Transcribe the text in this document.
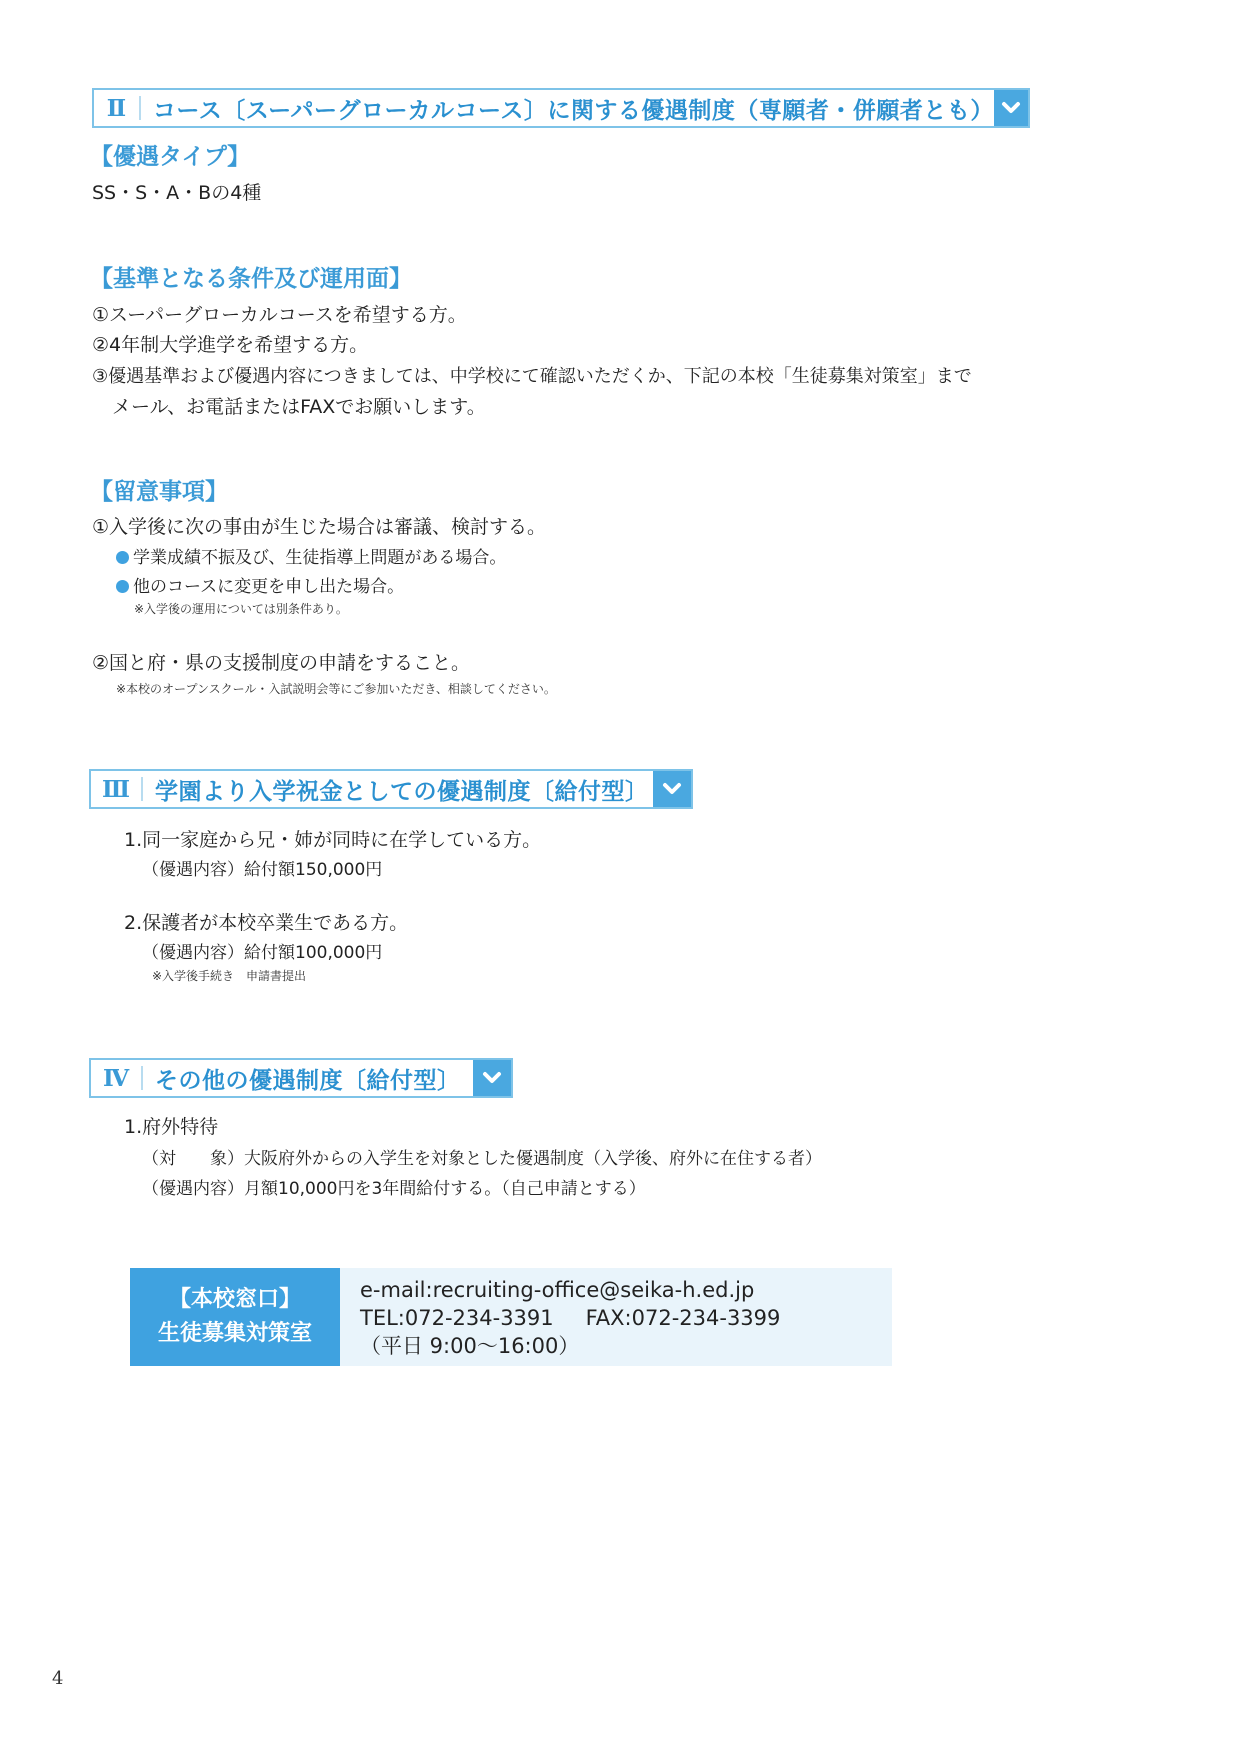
Ⅱ	コース〔スーパーグローカルコース〕に関する優遇制度（専願者・併願者とも）
【優遇タイプ】
SS・S・A・Bの4種
【基準となる条件及び運用面】
①スーパーグローカルコースを希望する方。
②4年制大学進学を希望する方。
③優遇基準および優遇内容につきましては、中学校にて確認いただくか、下記の本校「生徒募集対策室」まで
メール、お電話またはFAXでお願いします。
【留意事項】
①入学後に次の事由が生じた場合は審議、検討する。
学業成績不振及び、生徒指導上問題がある場合。
他のコースに変更を申し出た場合。
※入学後の運用については別条件あり。
②国と府・県の支援制度の申請をすること。
※本校のオープンスクール・入試説明会等にご参加いただき、相談してください。
Ⅲ	学園より入学祝金としての優遇制度〔給付型〕
1.同一家庭から兄・姉が同時に在学している方。
（優遇内容）給付額150,000円
2.保護者が本校卒業生である方。
（優遇内容）給付額100,000円
※入学後手続き　申請書提出
Ⅳ	その他の優遇制度〔給付型〕
1.府外特待
（対　　象）大阪府外からの入学生を対象とした優遇制度（入学後、府外に在住する者）
（優遇内容）月額10,000円を3年間給付する。（自己申請とする）
【本校窓口】
生徒募集対策室
e-mail:recruiting-office@seika-h.ed.jp
TEL:072-234-3391 FAX:072-234-3399
（平日 9:00～16:00）
4
